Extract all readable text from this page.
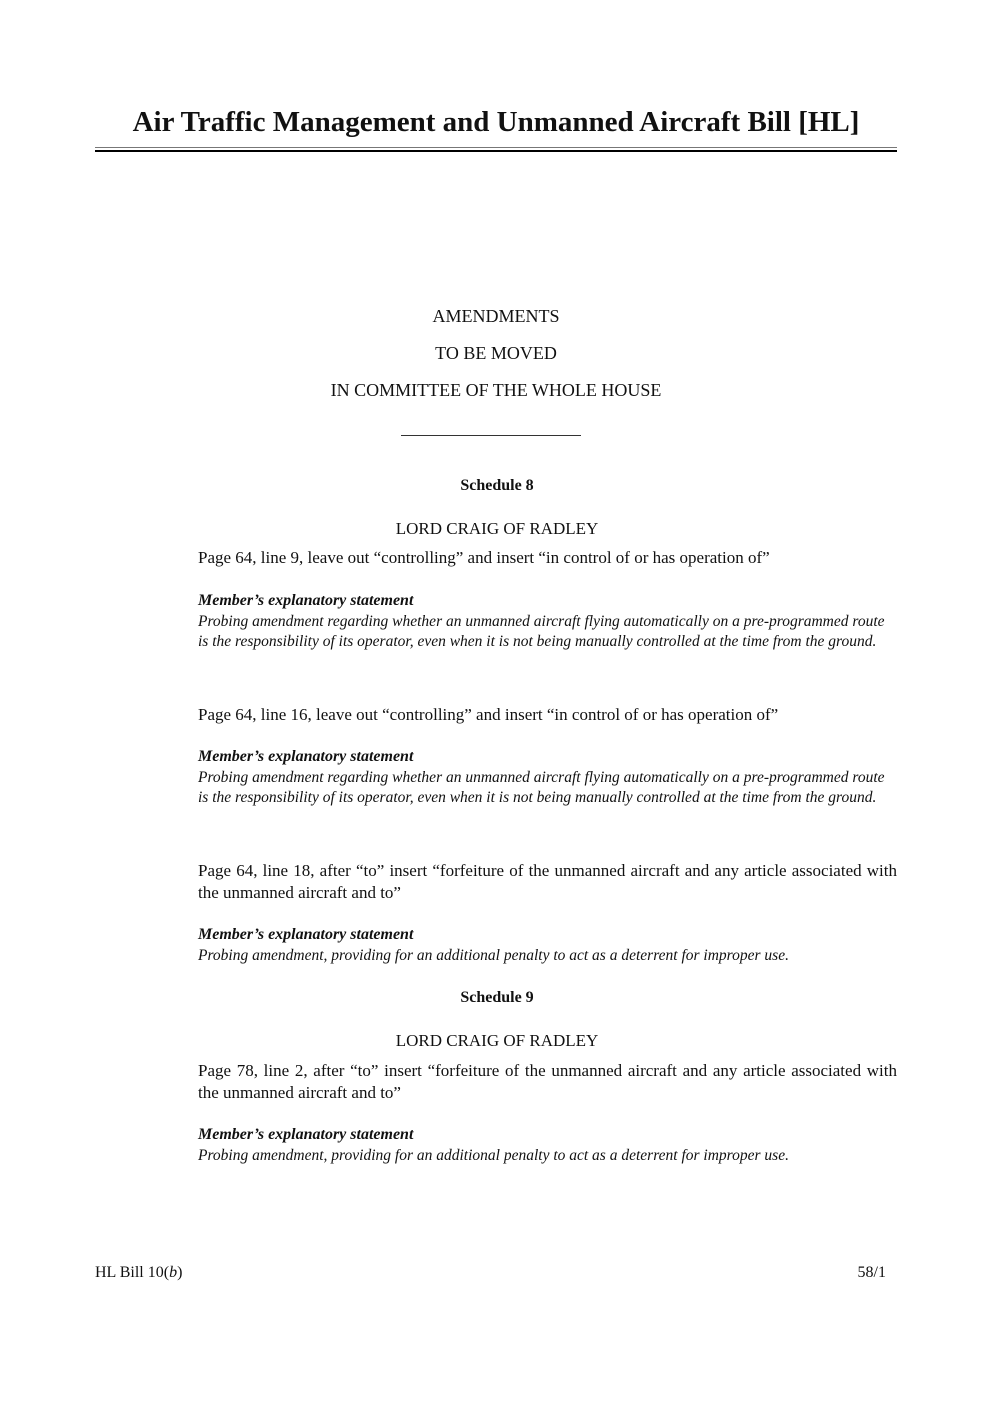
Air Traffic Management and Unmanned Aircraft Bill [HL]
AMENDMENTS
TO BE MOVED
IN COMMITTEE OF THE WHOLE HOUSE
Schedule 8
LORD CRAIG OF RADLEY
Page 64, line 9, leave out “controlling” and insert “in control of or has operation of”
Member’s explanatory statement
Probing amendment regarding whether an unmanned aircraft flying automatically on a pre-programmed route is the responsibility of its operator, even when it is not being manually controlled at the time from the ground.
Page 64, line 16, leave out “controlling” and insert “in control of or has operation of”
Member’s explanatory statement
Probing amendment regarding whether an unmanned aircraft flying automatically on a pre-programmed route is the responsibility of its operator, even when it is not being manually controlled at the time from the ground.
Page 64, line 18, after “to” insert “forfeiture of the unmanned aircraft and any article associated with the unmanned aircraft and to”
Member’s explanatory statement
Probing amendment, providing for an additional penalty to act as a deterrent for improper use.
Schedule 9
LORD CRAIG OF RADLEY
Page 78, line 2, after “to” insert “forfeiture of the unmanned aircraft and any article associated with the unmanned aircraft and to”
Member’s explanatory statement
Probing amendment, providing for an additional penalty to act as a deterrent for improper use.
HL Bill 10(b)	58/1
